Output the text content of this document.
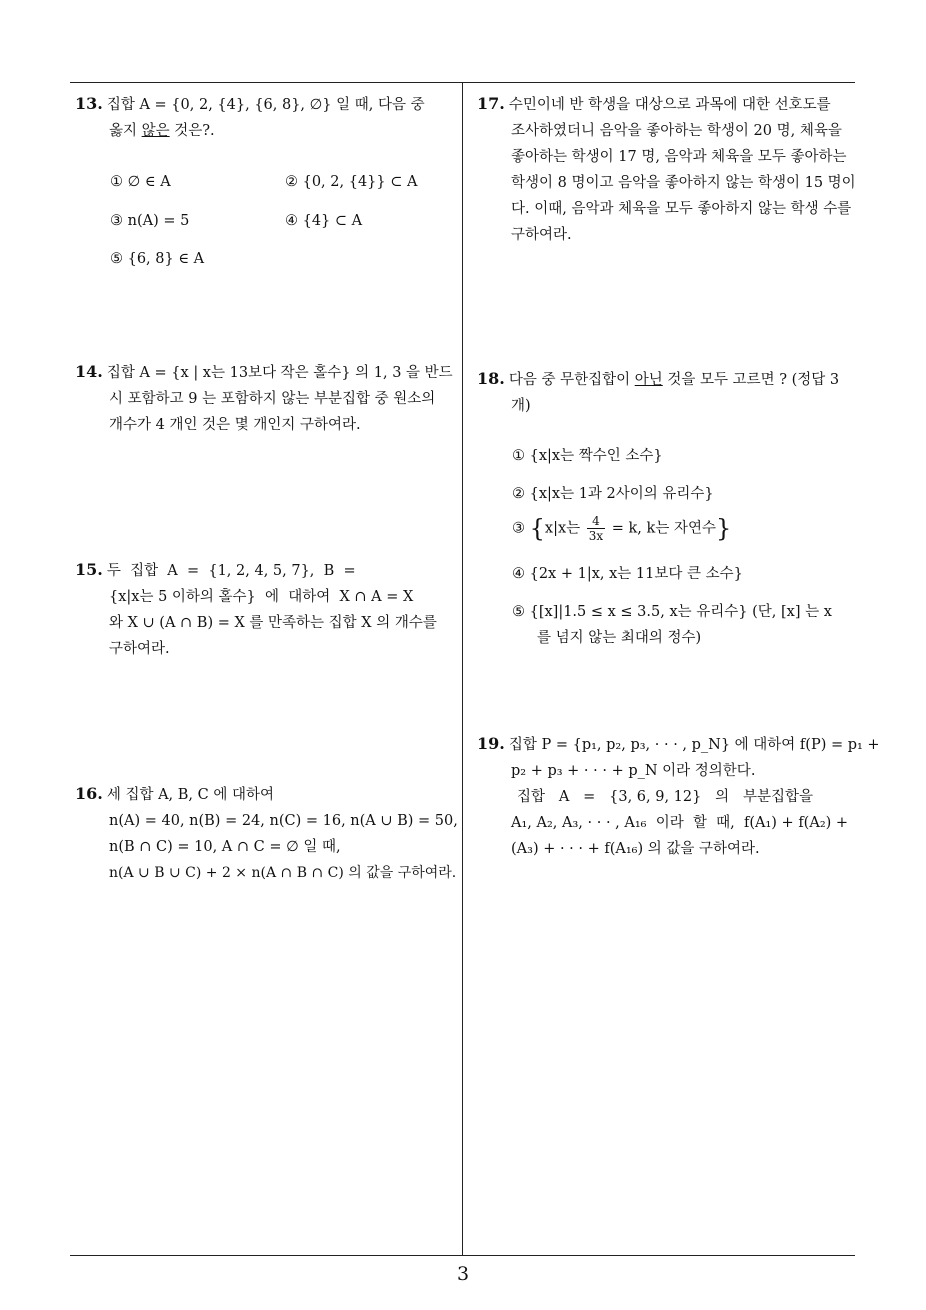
13. 집합 A = {0, 2, {4}, {6, 8}, ∅} 일 때, 다음 중
옳지 않은 것은?.
① ∅ ∈ A	② {0, 2, {4}} ⊂ A
③ n(A) = 5	④ {4} ⊂ A
⑤ {6, 8} ∈ A
14. 집합 A = {x | x는 13보다 작은 홀수} 의 1, 3 을 반드
시 포함하고 9 는 포함하지 않는 부분집합 중 원소의
개수가 4 개인 것은 몇 개인지 구하여라.
15. 두  집합  A  =  {1, 2, 4, 5, 7},  B  =
{x|x는 5 이하의 홀수}  에  대하여  X ∩ A = X
와 X ∪ (A ∩ B) = X 를 만족하는 집합 X 의 개수를
구하여라.
16. 세 집합 A, B, C 에 대하여
n(A) = 40, n(B) = 24, n(C) = 16, n(A ∪ B) = 50,
n(B ∩ C) = 10, A ∩ C = ∅ 일 때,
n(A ∪ B ∪ C) + 2 × n(A ∩ B ∩ C) 의 값을 구하여라.
17. 수민이네 반 학생을 대상으로 과목에 대한 선호도를
조사하였더니 음악을 좋아하는 학생이 20 명, 체육을
좋아하는 학생이 17 명, 음악과 체육을 모두 좋아하는
학생이 8 명이고 음악을 좋아하지 않는 학생이 15 명이
다. 이때, 음악과 체육을 모두 좋아하지 않는 학생 수를
구하여라.
18. 다음 중 무한집합이 아닌 것을 모두 고르면 ? (정답 3
개)
① {x|x는 짝수인 소수}
② {x|x는 1과 2사이의 유리수}
③ {x|x는 $\frac{4}{3x} = k$, k는 자연수}
④ {2x + 1|x, x는 11보다 큰 소수}
⑤ {[x]|1.5 ≤ x ≤ 3.5, x는 유리수} (단, [x] 는 x
를 넘지 않는 최대의 정수)
19. 집합 P = {p₁, p₂, p₃, · · · , p_N} 에 대하여 f(P) = p₁ +
p₂ + p₃ + · · · + p_N 이라 정의한다.
집합   A   =   {3, 6, 9, 12}   의   부분집합을
A₁, A₂, A₃, · · · , A₁₆  이라  할  때,  f(A₁) + f(A₂) +
(A₃) + · · · + f(A₁₆) 의 값을 구하여라.
3
